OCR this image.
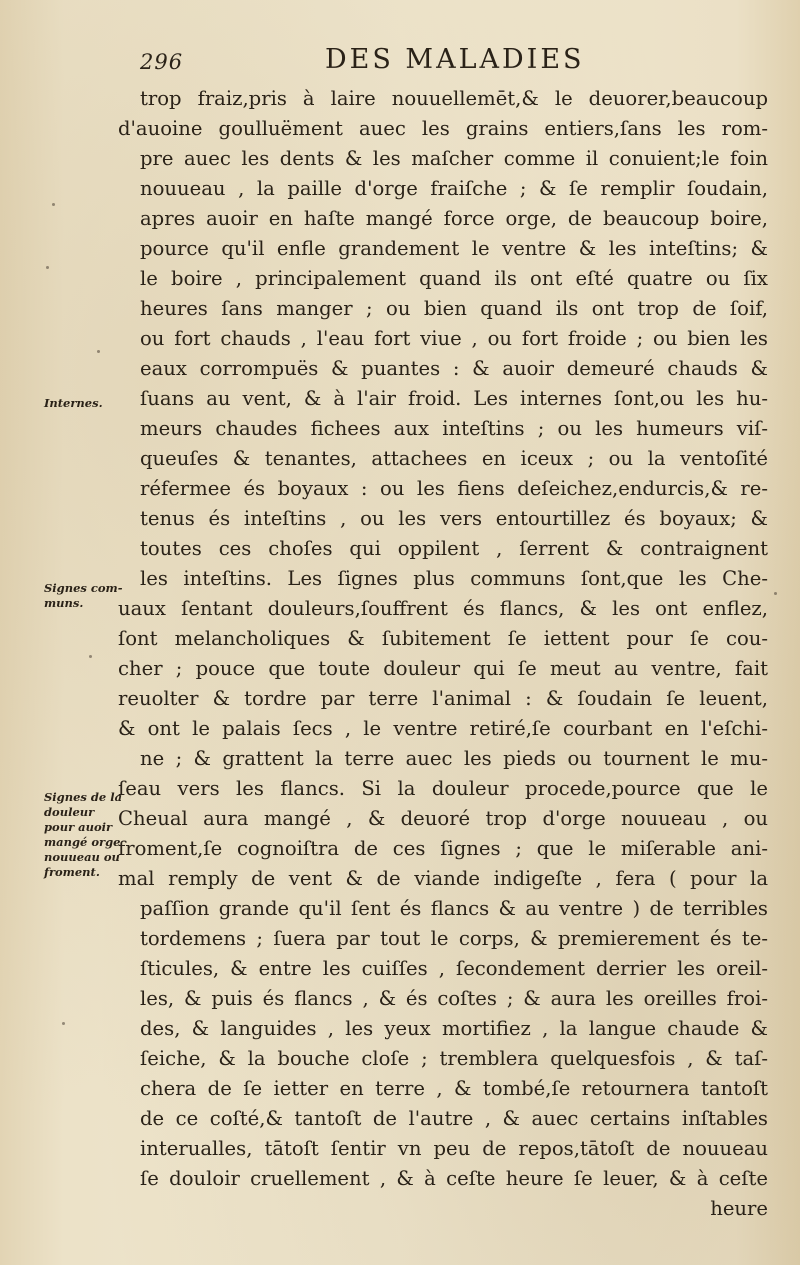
296	DES MALADIES
trop fraiz,pris à laire nouuellemēt,& le deuorer,beaucoup
d'auoine goulluëment auec les grains entiers,ſans les rom-
pre auec les dents & les maſcher comme il conuient;le foin
nouueau , la paille d'orge fraiſche ; & ſe remplir ſoudain,
apres auoir en haſte mangé force orge, de beaucoup boire,
pource qu'il enfle grandement le ventre & les inteſtins; &
le boire , principalement quand ils ont eſté quatre ou ſix
heures ſans manger ; ou bien quand ils ont trop de ſoif,
ou fort chauds , l'eau fort viue , ou fort froide ; ou bien les
eaux corrompuës & puantes : & auoir demeuré chauds &
ſuans au vent, & à l'air froid. Les internes ſont,ou les hu-
meurs chaudes fichees aux inteſtins ; ou les humeurs viſ-
queuſes & tenantes, attachees en iceux ; ou la ventoſité
réfermee és boyaux : ou les fiens deſeichez,endurcis,& re-
tenus és inteſtins , ou les vers entourtillez és boyaux; &
toutes ces choſes qui oppilent , ſerrent & contraignent
les inteſtins. Les ſignes plus communs ſont,que les Che-
uaux ſentant douleurs,ſouffrent és flancs, & les ont enflez,
ſont melancholiques & ſubitement ſe iettent pour ſe cou-
cher ; pouce que toute douleur qui ſe meut au ventre, fait
reuolter & tordre par terre l'animal : & ſoudain ſe leuent,
& ont le palais ſecs , le ventre retiré,ſe courbant en l'eſchi-
ne ; & grattent la terre auec les pieds ou tournent le mu-
ſeau vers les flancs. Si la douleur procede,pource que le
Cheual aura mangé , & deuoré trop d'orge nouueau , ou
froment,ſe cognoiſtra de ces ſignes ; que le miſerable ani-
mal remply de vent & de viande indigeſte , fera ( pour la
paſſion grande qu'il ſent és flancs & au ventre ) de terribles
tordemens ; ſuera par tout le corps, & premierement és te-
ſticules, & entre les cuiſſes , ſecondement derrier les oreil-
les, & puis és flancs , & és coſtes ; & aura les oreilles froi-
des, & languides , les yeux mortifiez , la langue chaude &
ſeiche, & la bouche cloſe ; tremblera quelquesfois , & taſ-
chera de ſe ietter en terre , & tombé,ſe retournera tantoſt
de ce coſté,& tantoſt de l'autre , & auec certains inſtables
interualles, tātoſt ſentir vn peu de repos,tātoſt de nouueau
ſe douloir cruellement , & à ceſte heure ſe leuer, & à ceſte
heure
Internes.
Signes com-
muns.
Signes de la
douleur
pour auoir
mangé orge
nouueau ou
froment.
